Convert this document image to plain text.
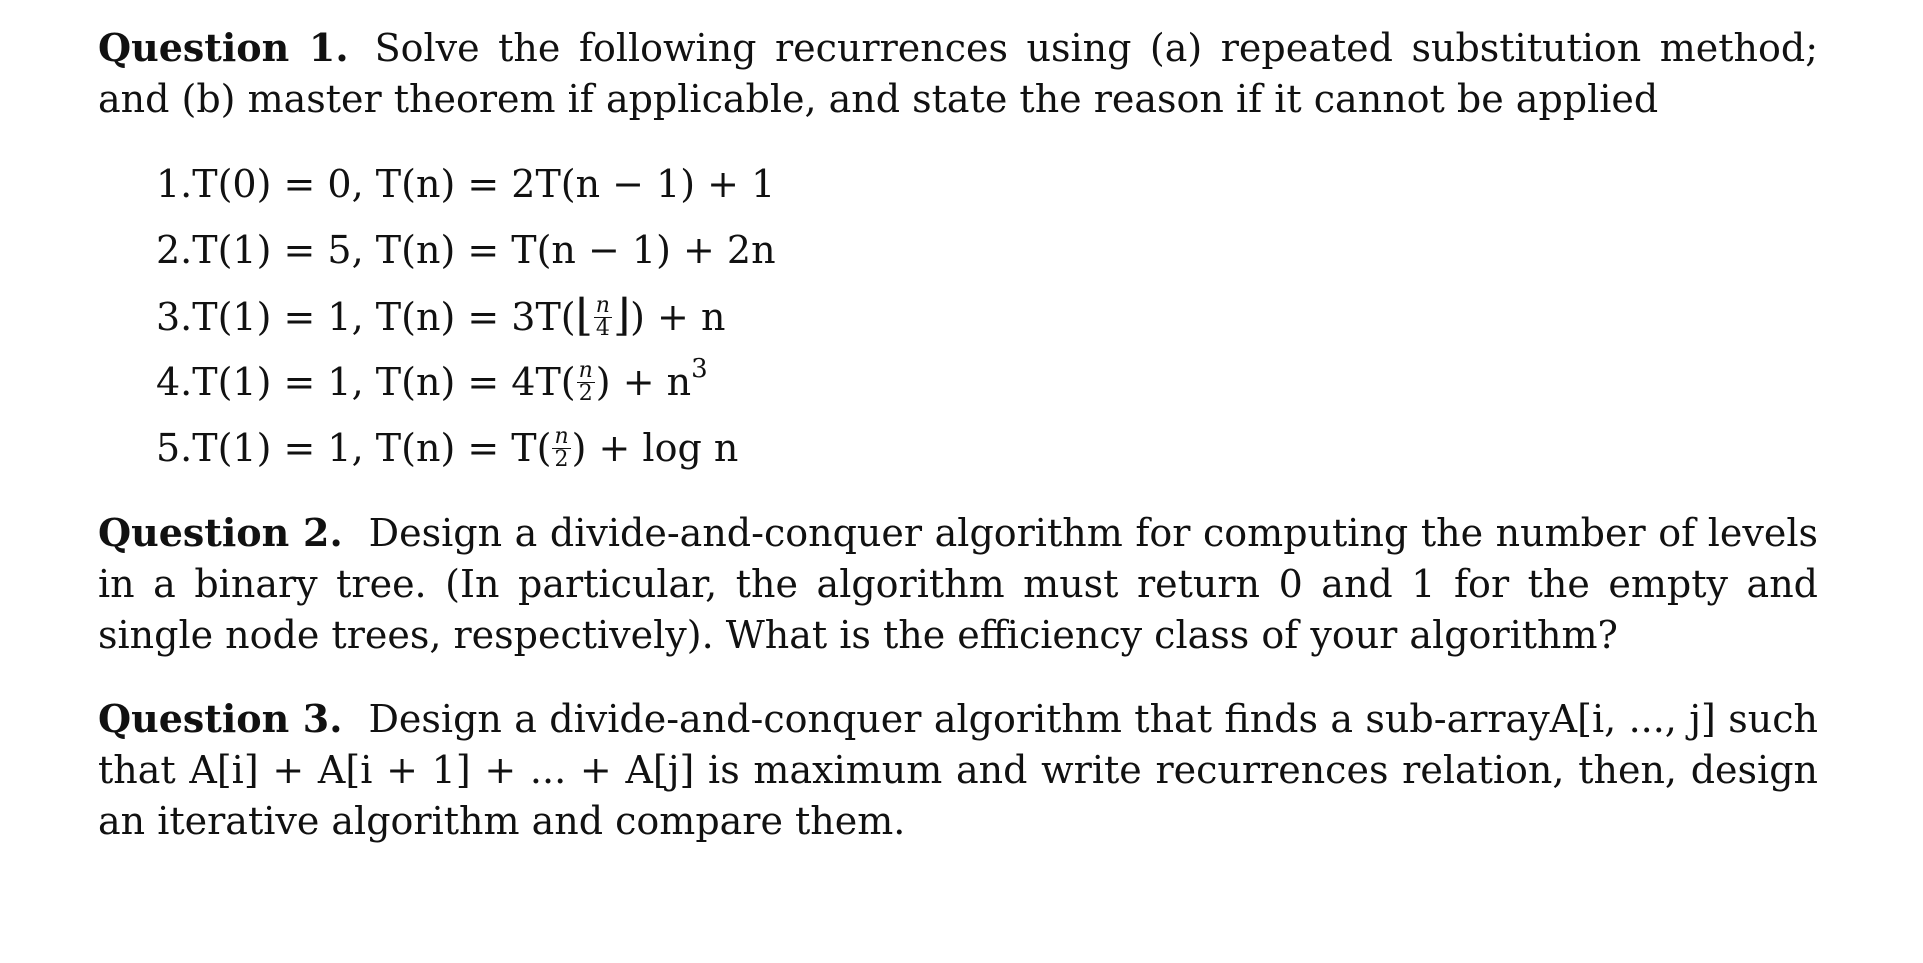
Question 1. Solve the following recurrences using (a) repeated substitution method; and (b) master theorem if applicable, and state the reason if it cannot be applied

1.T(0) = 0, T(n) = 2T(n − 1) + 1
2.T(1) = 5, T(n) = T(n − 1) + 2n
3.T(1) = 1, T(n) = 3T(⌊ $\frac{n}{4}$ ⌋) + n
4.T(1) = 1, $T(n) = 4T( \frac{n}{2}$ ) + $n^3$
5.T(1) = 1, $T(n) = T( \frac{n}{2}$ ) + log n

Question 2. Design a divide-and-conquer algorithm for computing the number of levels in a binary tree. (In particular, the algorithm must return 0 and 1 for the empty and single node trees, respectively). What is the efficiency class of your algorithm?

Question 3. Design a divide-and-conquer algorithm that finds a sub-arrayA[i, ..., j] such that A[i] + A[i + 1] + ... + A[j] is maximum and write recurrences relation, then, design an iterative algorithm and compare them.
